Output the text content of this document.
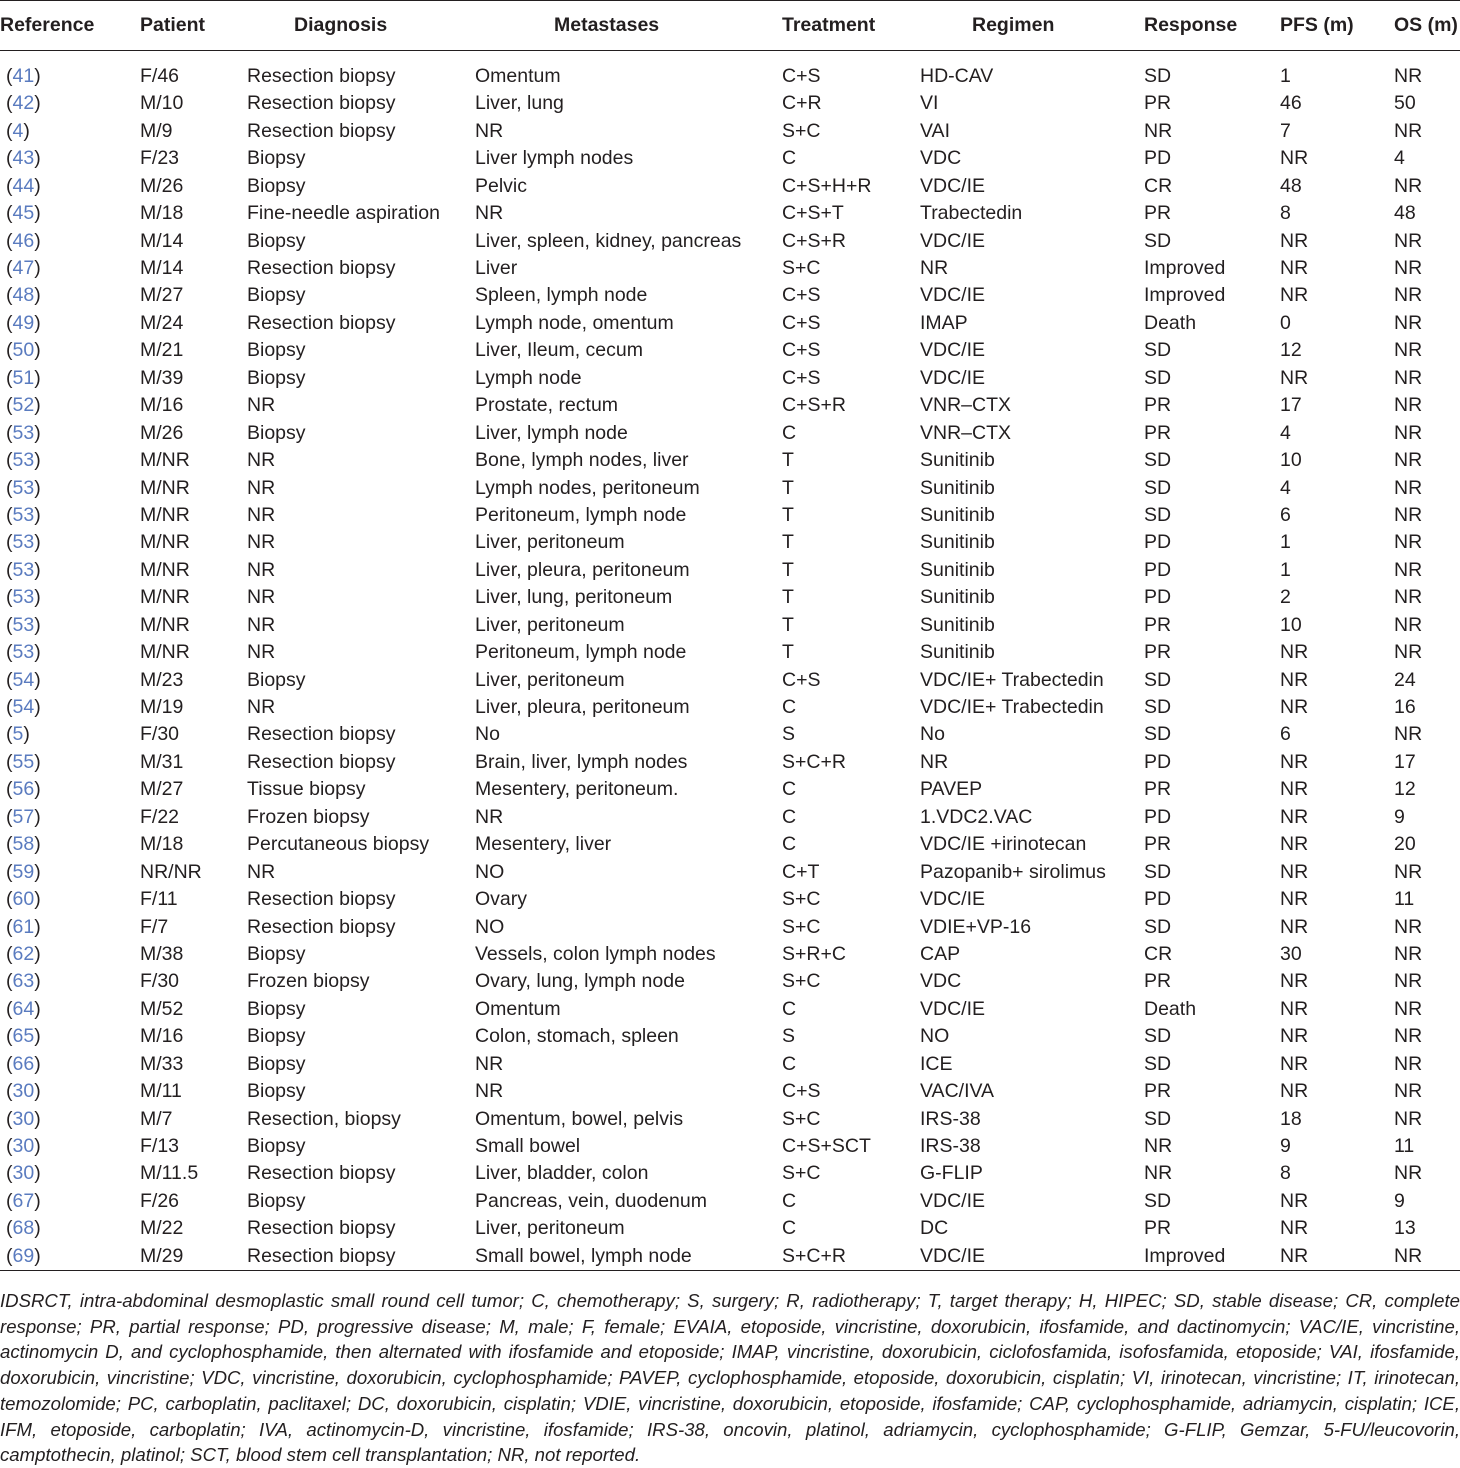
Reference	Patient	Diagnosis	Metastases	Treatment	Regimen	Response	PFS (m)	OS (m)

(41)	F/46	Resection biopsy	Omentum	C+S	HD-CAV	SD	1	NR
(42)	M/10	Resection biopsy	Liver, lung	C+R	VI	PR	46	50
(4)	M/9	Resection biopsy	NR	S+C	VAI	NR	7	NR
(43)	F/23	Biopsy	Liver lymph nodes	C	VDC	PD	NR	4
(44)	M/26	Biopsy	Pelvic	C+S+H+R	VDC/IE	CR	48	NR
(45)	M/18	Fine-needle aspiration	NR	C+S+T	Trabectedin	PR	8	48
(46)	M/14	Biopsy	Liver, spleen, kidney, pancreas	C+S+R	VDC/IE	SD	NR	NR
(47)	M/14	Resection biopsy	Liver	S+C	NR	Improved	NR	NR
(48)	M/27	Biopsy	Spleen, lymph node	C+S	VDC/IE	Improved	NR	NR
(49)	M/24	Resection biopsy	Lymph node, omentum	C+S	IMAP	Death	0	NR
(50)	M/21	Biopsy	Liver, Ileum, cecum	C+S	VDC/IE	SD	12	NR
(51)	M/39	Biopsy	Lymph node	C+S	VDC/IE	SD	NR	NR
(52)	M/16	NR	Prostate, rectum	C+S+R	VNR–CTX	PR	17	NR
(53)	M/26	Biopsy	Liver, lymph node	C	VNR–CTX	PR	4	NR
(53)	M/NR	NR	Bone, lymph nodes, liver	T	Sunitinib	SD	10	NR
(53)	M/NR	NR	Lymph nodes, peritoneum	T	Sunitinib	SD	4	NR
(53)	M/NR	NR	Peritoneum, lymph node	T	Sunitinib	SD	6	NR
(53)	M/NR	NR	Liver, peritoneum	T	Sunitinib	PD	1	NR
(53)	M/NR	NR	Liver, pleura, peritoneum	T	Sunitinib	PD	1	NR
(53)	M/NR	NR	Liver, lung, peritoneum	T	Sunitinib	PD	2	NR
(53)	M/NR	NR	Liver, peritoneum	T	Sunitinib	PR	10	NR
(53)	M/NR	NR	Peritoneum, lymph node	T	Sunitinib	PR	NR	NR
(54)	M/23	Biopsy	Liver, peritoneum	C+S	VDC/IE+ Trabectedin	SD	NR	24
(54)	M/19	NR	Liver, pleura, peritoneum	C	VDC/IE+ Trabectedin	SD	NR	16
(5)	F/30	Resection biopsy	No	S	No	SD	6	NR
(55)	M/31	Resection biopsy	Brain, liver, lymph nodes	S+C+R	NR	PD	NR	17
(56)	M/27	Tissue biopsy	Mesentery, peritoneum.	C	PAVEP	PR	NR	12
(57)	F/22	Frozen biopsy	NR	C	1.VDC2.VAC	PD	NR	9
(58)	M/18	Percutaneous biopsy	Mesentery, liver	C	VDC/IE +irinotecan	PR	NR	20
(59)	NR/NR	NR	NO	C+T	Pazopanib+ sirolimus	SD	NR	NR
(60)	F/11	Resection biopsy	Ovary	S+C	VDC/IE	PD	NR	11
(61)	F/7	Resection biopsy	NO	S+C	VDIE+VP-16	SD	NR	NR
(62)	M/38	Biopsy	Vessels, colon lymph nodes	S+R+C	CAP	CR	30	NR
(63)	F/30	Frozen biopsy	Ovary, lung, lymph node	S+C	VDC	PR	NR	NR
(64)	M/52	Biopsy	Omentum	C	VDC/IE	Death	NR	NR
(65)	M/16	Biopsy	Colon, stomach, spleen	S	NO	SD	NR	NR
(66)	M/33	Biopsy	NR	C	ICE	SD	NR	NR
(30)	M/11	Biopsy	NR	C+S	VAC/IVA	PR	NR	NR
(30)	M/7	Resection, biopsy	Omentum, bowel, pelvis	S+C	IRS-38	SD	18	NR
(30)	F/13	Biopsy	Small bowel	C+S+SCT	IRS-38	NR	9	11
(30)	M/11.5	Resection biopsy	Liver, bladder, colon	S+C	G-FLIP	NR	8	NR
(67)	F/26	Biopsy	Pancreas, vein, duodenum	C	VDC/IE	SD	NR	9
(68)	M/22	Resection biopsy	Liver, peritoneum	C	DC	PR	NR	13
(69)	M/29	Resection biopsy	Small bowel, lymph node	S+C+R	VDC/IE	Improved	NR	NR
IDSRCT, intra-abdominal desmoplastic small round cell tumor; C, chemotherapy; S, surgery; R, radiotherapy; T, target therapy; H, HIPEC; SD, stable disease; CR, complete response; PR, partial response; PD, progressive disease; M, male; F, female; EVAIA, etoposide, vincristine, doxorubicin, ifosfamide, and dactinomycin; VAC/IE, vincristine, actinomycin D, and cyclophosphamide, then alternated with ifosfamide and etoposide; IMAP, vincristine, doxorubicin, ciclofosfamida, isofosfamida, etoposide; VAI, ifosfamide, doxorubicin, vincristine; VDC, vincristine, doxorubicin, cyclophosphamide; PAVEP, cyclophosphamide, etoposide, doxorubicin, cisplatin; VI, irinotecan, vincristine; IT, irinotecan, temozolomide; PC, carboplatin, paclitaxel; DC, doxorubicin, cisplatin; VDIE, vincristine, doxorubicin, etoposide, ifosfamide; CAP, cyclophosphamide, adriamycin, cisplatin; ICE, IFM, etoposide, carboplatin; IVA, actinomycin-D, vincristine, ifosfamide; IRS-38, oncovin, platinol, adriamycin, cyclophosphamide; G-FLIP, Gemzar, 5-FU/leucovorin, camptothecin, platinol; SCT, blood stem cell transplantation; NR, not reported.
